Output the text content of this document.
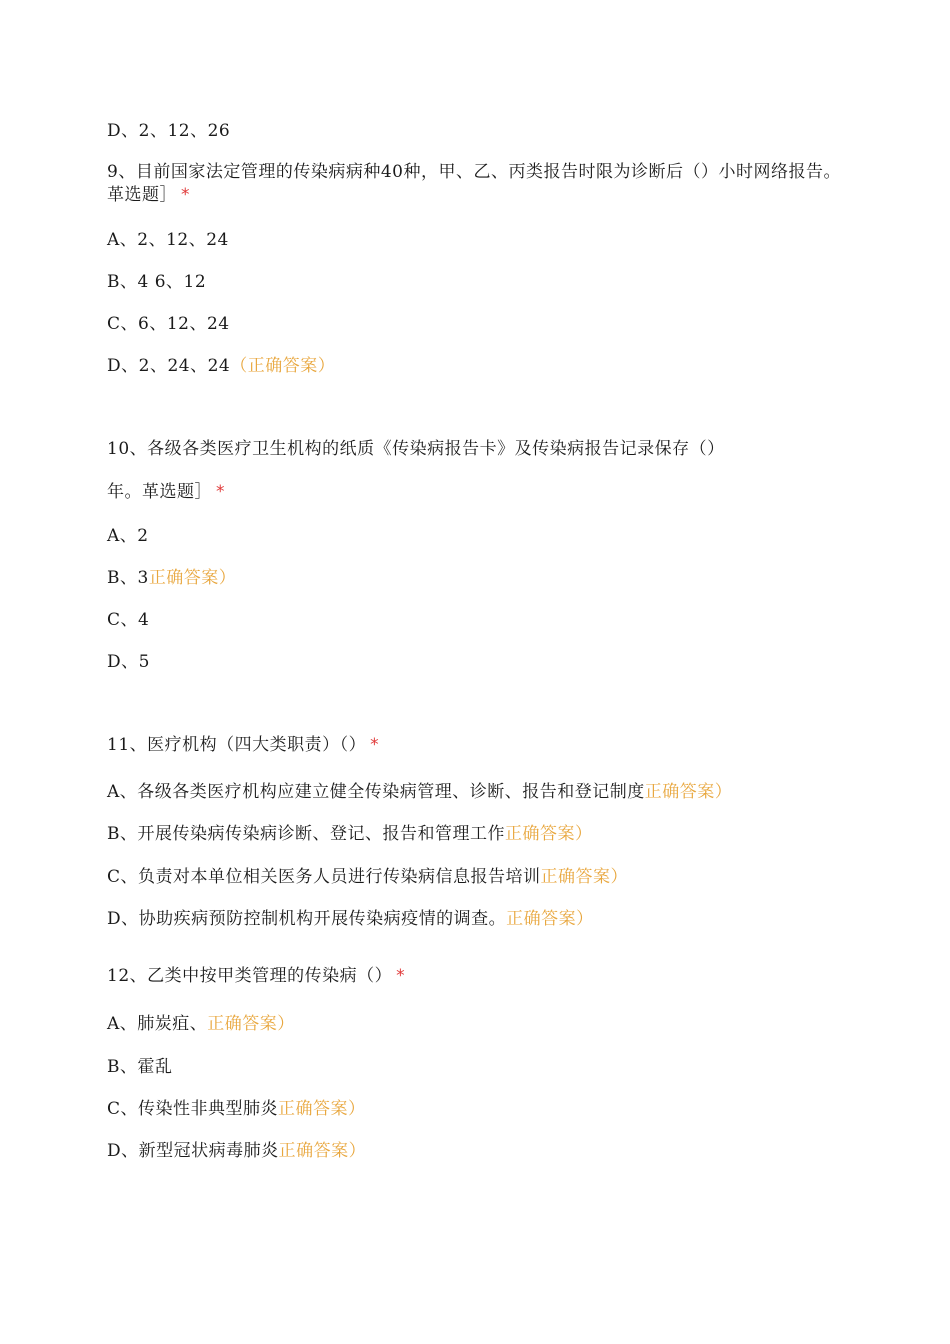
D、2、12、26
9、目前国家法定管理的传染病病种40种，甲、乙、丙类报告时限为诊断后（）小时网络报告。革选题］ *
A、2、12、24
B、4 6、12
C、6、12、24
D、2、24、24（正确答案）
10、各级各类医疗卫生机构的纸质《传染病报告卡》及传染病报告记录保存（）
年。革选题］ *
A、2
B、3正确答案）
C、4
D、5
11、医疗机构（四大类职责）（） *
A、各级各类医疗机构应建立健全传染病管理、诊断、报告和登记制度正确答案）
B、开展传染病传染病诊断、登记、报告和管理工作正确答案）
C、负责对本单位相关医务人员进行传染病信息报告培训正确答案）
D、协助疾病预防控制机构开展传染病疫情的调查。正确答案）
12、乙类中按甲类管理的传染病（） *
A、肺炭疽、正确答案）
B、霍乱
C、传染性非典型肺炎正确答案）
D、新型冠状病毒肺炎正确答案）
